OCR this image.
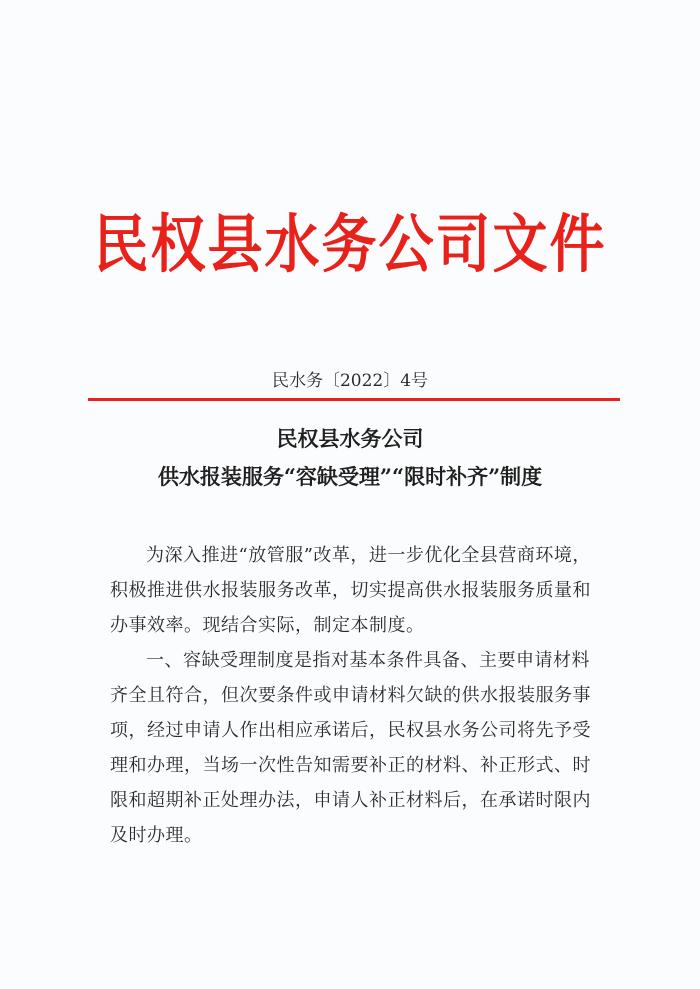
民权县水务公司文件
民水务〔2022〕4号
民权县水务公司
供水报装服务“容缺受理”“限时补齐”制度

为深入推进“放管服”改革，进一步优化全县营商环境，积极推进供水报装服务改革，切实提高供水报装服务质量和办事效率。现结合实际，制定本制度。

一、容缺受理制度是指对基本条件具备、主要申请材料齐全且符合，但次要条件或申请材料欠缺的供水报装服务事项，经过申请人作出相应承诺后，民权县水务公司将先予受理和办理，当场一次性告知需要补正的材料、补正形式、时限和超期补正处理办法，申请人补正材料后，在承诺时限内及时办理。
